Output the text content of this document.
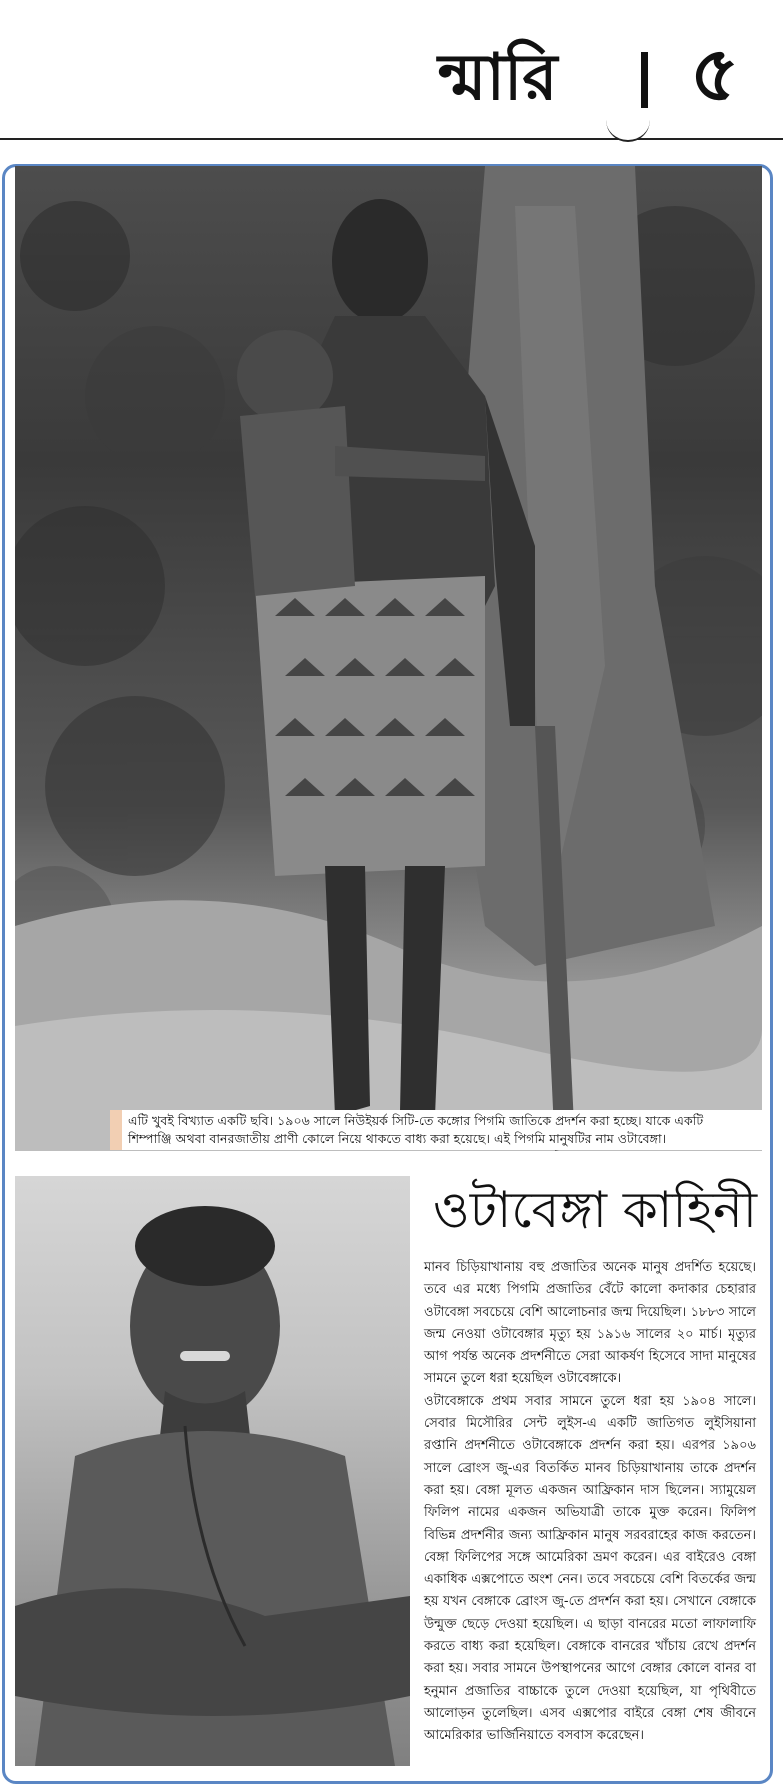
ন্মারি ৫
এটি খুবই বিখ্যাত একটি ছবি। ১৯০৬ সালে নিউইয়র্ক সিটি-তে কঙ্গোর পিগমি জাতিকে প্রদর্শন করা হচ্ছে। যাকে একটি
শিম্পাঞ্জি অথবা বানরজাতীয় প্রাণী কোলে নিয়ে থাকতে বাধ্য করা হয়েছে। এই পিগমি মানুষটির নাম ওটাবেঙ্গা।
ওটাবেঙ্গা কাহিনী

মানব চিড়িয়াখানায় বহু প্রজাতির অনেক মানুষ প্রদর্শিত হয়েছে। তবে এর মধ্যে পিগমি প্রজাতির বেঁটে কালো কদাকার চেহারার ওটাবেঙ্গা সবচেয়ে বেশি আলোচনার জন্ম দিয়েছিল। ১৮৮৩ সালে জন্ম নেওয়া ওটাবেঙ্গার মৃত্যু হয় ১৯১৬ সালের ২০ মার্চ। মৃত্যুর আগ পর্যন্ত অনেক প্রদর্শনীতে সেরা আকর্ষণ হিসেবে সাদা মানুষের সামনে তুলে ধরা হয়েছিল ওটাবেঙ্গাকে।

ওটাবেঙ্গাকে প্রথম সবার সামনে তুলে ধরা হয় ১৯০৪ সালে। সেবার মিসৌরির সেন্ট লুইস-এ একটি জাতিগত লুইসিয়ানা রপ্তানি প্রদর্শনীতে ওটাবেঙ্গাকে প্রদর্শন করা হয়। এরপর ১৯০৬ সালে ব্রোংস জু-এর বিতর্কিত মানব চিড়িয়াখানায় তাকে প্রদর্শন করা হয়। বেঙ্গা মূলত একজন আফ্রিকান দাস ছিলেন। স্যামুয়েল ফিলিপ নামের একজন অভিযাত্রী তাকে মুক্ত করেন। ফিলিপ বিভিন্ন প্রদর্শনীর জন্য আফ্রিকান মানুষ সরবরাহের কাজ করতেন। বেঙ্গা ফিলিপের সঙ্গে আমেরিকা ভ্রমণ করেন। এর বাইরেও বেঙ্গা একাধিক এক্সপোতে অংশ নেন। তবে সবচেয়ে বেশি বিতর্কের জন্ম হয় যখন বেঙ্গাকে ব্রোংস জু-তে প্রদর্শন করা হয়। সেখানে বেঙ্গাকে উন্মুক্ত ছেড়ে দেওয়া হয়েছিল। এ ছাড়া বানরের মতো লাফালাফি করতে বাধ্য করা হয়েছিল। বেঙ্গাকে বানরের খাঁচায় রেখে প্রদর্শন করা হয়। সবার সামনে উপস্থাপনের আগে বেঙ্গার কোলে বানর বা হনুমান প্রজাতির বাচ্চাকে তুলে দেওয়া হয়েছিল, যা পৃথিবীতে আলোড়ন তুলেছিল। এসব এক্সপোর বাইরে বেঙ্গা শেষ জীবনে আমেরিকার ভার্জিনিয়াতে বসবাস করেছেন।
